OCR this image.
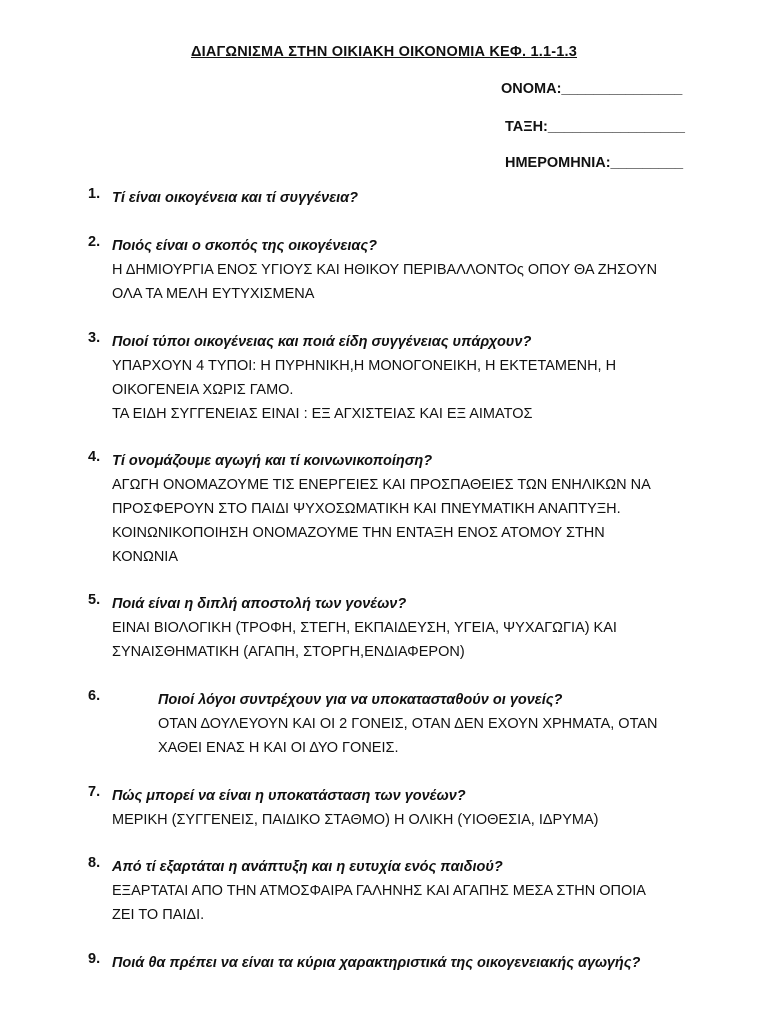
ΔΙΑΓΩΝΙΣΜΑ ΣΤΗΝ ΟΙΚΙΑΚΗ ΟΙΚΟΝΟΜΙΑ ΚΕΦ. 1.1-1.3
ΟΝΟΜΑ:_______________
ΤΑΞΗ:_________________
ΗΜΕΡΟΜΗΝΙΑ:_________
1. Τί είναι οικογένεια και τί συγγένεια?
2. Ποιός είναι ο σκοπός της οικογένειας?
Η ΔΗΜΙΟΥΡΓΙΑ ΕΝΟΣ ΥΓΙΟΥΣ ΚΑΙ ΗΘΙΚΟΥ ΠΕΡΙΒΑΛΛΟΝΤΟς ΟΠΟΥ ΘΑ ΖΗΣΟΥΝ
ΟΛΑ ΤΑ ΜΕΛΗ ΕΥΤΥΧΙΣΜΕΝΑ
3. Ποιοί τύποι οικογένειας και ποιά είδη συγγένειας υπάρχουν?
ΥΠΑΡΧΟΥΝ 4 ΤΥΠΟΙ: Η ΠΥΡΗΝΙΚΗ,Η ΜΟΝΟΓΟΝΕΙΚΗ, Η ΕΚΤΕΤΑΜΕΝΗ, Η
ΟΙΚΟΓΕΝΕΙΑ ΧΩΡΙΣ ΓΑΜΟ.
ΤΑ ΕΙΔΗ ΣΥΓΓΕΝΕΙΑΣ ΕΙΝΑΙ : ΕΞ ΑΓΧΙΣΤΕΙΑΣ ΚΑΙ ΕΞ ΑΙΜΑΤΟΣ
4. Τί ονομάζουμε αγωγή και τί κοινωνικοποίηση?
ΑΓΩΓΗ ΟΝΟΜΑΖΟΥΜΕ ΤΙΣ ΕΝΕΡΓΕΙΕΣ ΚΑΙ ΠΡΟΣΠΑΘΕΙΕΣ ΤΩΝ ΕΝΗΛΙΚΩΝ ΝΑ
ΠΡΟΣΦΕΡΟΥΝ ΣΤΟ ΠΑΙΔΙ ΨΥΧΟΣΩΜΑΤΙΚΗ ΚΑΙ ΠΝΕΥΜΑΤΙΚΗ ΑΝΑΠΤΥΞΗ.
ΚΟΙΝΩΝΙΚΟΠΟΙΗΣΗ ΟΝΟΜΑΖΟΥΜΕ ΤΗΝ ΕΝΤΑΞΗ ΕΝΟΣ ΑΤΟΜΟΥ ΣΤΗΝ
ΚΟΝΩΝΙΑ
5. Ποιά είναι η διπλή αποστολή των γονέων?
ΕΙΝΑΙ ΒΙΟΛΟΓΙΚΗ (ΤΡΟΦΗ, ΣΤΕΓΗ, ΕΚΠΑΙΔΕΥΣΗ, ΥΓΕΙΑ, ΨΥΧΑΓΩΓΙΑ) ΚΑΙ
ΣΥΝΑΙΣΘΗΜΑΤΙΚΗ (ΑΓΑΠΗ, ΣΤΟΡΓΗ,ΕΝΔΙΑΦΕΡΟΝ)
6.	Ποιοί λόγοι συντρέχουν για να υποκατασταθούν οι γονείς?
ΟΤΑΝ ΔΟΥΛΕΥΟΥΝ ΚΑΙ ΟΙ 2 ΓΟΝΕΙΣ, ΟΤΑΝ ΔΕΝ ΕΧΟΥΝ ΧΡΗΜΑΤΑ, ΟΤΑΝ
ΧΑΘΕΙ ΕΝΑΣ Η ΚΑΙ ΟΙ ΔΥΟ ΓΟΝΕΙΣ.
7. Πώς μπορεί να είναι η υποκατάσταση των γονέων?
ΜΕΡΙΚΗ (ΣΥΓΓΕΝΕΙΣ, ΠΑΙΔΙΚΟ ΣΤΑΘΜΟ) Η ΟΛΙΚΗ (ΥΙΟΘΕΣΙΑ, ΙΔΡΥΜΑ)
8. Από τί εξαρτάται η ανάπτυξη και η ευτυχία ενός παιδιού?
ΕΞΑΡΤΑΤΑΙ ΑΠΟ ΤΗΝ ΑΤΜΟΣΦΑΙΡΑ ΓΑΛΗΝΗΣ ΚΑΙ ΑΓΑΠΗΣ ΜΕΣΑ ΣΤΗΝ ΟΠΟΙΑ
ΖΕΙ ΤΟ ΠΑΙΔΙ.
9. Ποιά θα πρέπει να είναι τα κύρια χαρακτηριστικά της οικογενειακής αγωγής?
